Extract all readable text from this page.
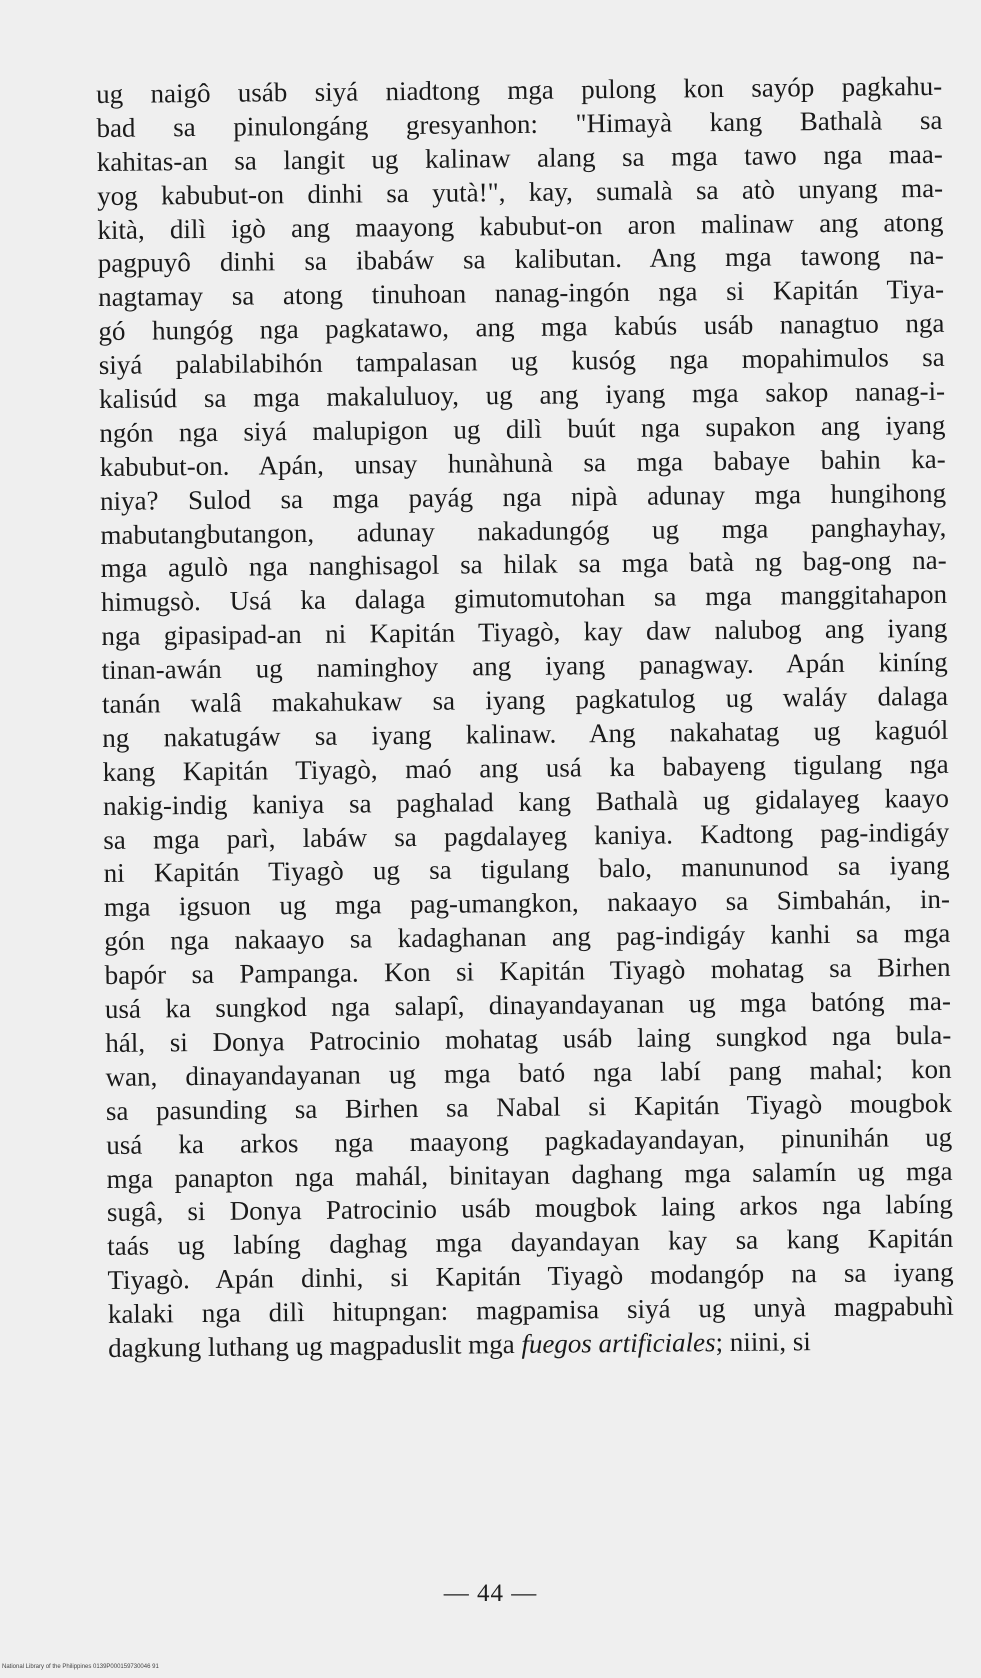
ug naigô usáb siyá niadtong mga pulong kon sayóp pagkahu-
bad sa pinulongáng gresyanhon: "Himayà kang Bathalà sa
kahitas-an sa langit ug kalinaw alang sa mga tawo nga maa-
yog kabubut-on dinhi sa yutà!", kay, sumalà sa atò unyang ma-
kità, dilì igò ang maayong kabubut-on aron malinaw ang atong
pagpuyô dinhi sa ibabáw sa kalibutan. Ang mga tawong na-
nagtamay sa atong tinuhoan nanag-ingón nga si Kapitán Tiya-
gó hungóg nga pagkatawo, ang mga kabús usáb nanagtuo nga
siyá palabilabihón tampalasan ug kusóg nga mopahimulos sa
kalisúd sa mga makaluluoy, ug ang iyang mga sakop nanag-i-
ngón nga siyá malupigon ug dilì buút nga supakon ang iyang
kabubut-on. Apán, unsay hunàhunà sa mga babaye bahin ka-
niya? Sulod sa mga payág nga nipà adunay mga hungihong
mabutangbutangon, adunay nakadungóg ug mga panghayhay,
mga agulò nga nanghisagol sa hilak sa mga batà ng bag-ong na-
himugsò. Usá ka dalaga gimutomutohan sa mga manggitahapon
nga gipasipad-an ni Kapitán Tiyagò, kay daw nalubog ang iyang
tinan-awán ug naminghoy ang iyang panagway. Apán kiníng
tanán walâ makahukaw sa iyang pagkatulog ug waláy dalaga
ng nakatugáw sa iyang kalinaw. Ang nakahatag ug kaguól
kang Kapitán Tiyagò, maó ang usá ka babayeng tigulang nga
nakig-indig kaniya sa paghalad kang Bathalà ug gidalayeg kaayo
sa mga parì, labáw sa pagdalayeg kaniya. Kadtong pag-indigáy
ni Kapitán Tiyagò ug sa tigulang balo, manununod sa iyang
mga igsuon ug mga pag-umangkon, nakaayo sa Simbahán, in-
gón nga nakaayo sa kadaghanan ang pag-indigáy kanhi sa mga
bapór sa Pampanga. Kon si Kapitán Tiyagò mohatag sa Birhen
usá ka sungkod nga salapî, dinayandayanan ug mga batóng ma-
hál, si Donya Patrocinio mohatag usáb laing sungkod nga bula-
wan, dinayandayanan ug mga bató nga labí pang mahal; kon
sa pasunding sa Birhen sa Nabal si Kapitán Tiyagò mougbok
usá ka arkos nga maayong pagkadayandayan, pinunihán ug
mga panapton nga mahál, binitayan daghang mga salamín ug mga
sugâ, si Donya Patrocinio usáb mougbok laing arkos nga labíng
taás ug labíng daghag mga dayandayan kay sa kang Kapitán
Tiyagò. Apán dinhi, si Kapitán Tiyagò modangóp na sa iyang
kalaki nga dilì hitupngan: magpamisa siyá ug unyà magpabuhì
dagkung luthang ug magpaduslit mga fuegos artificiales; niini, si
— 44 —
National Library of the Philippines 0139P000159730046 91
